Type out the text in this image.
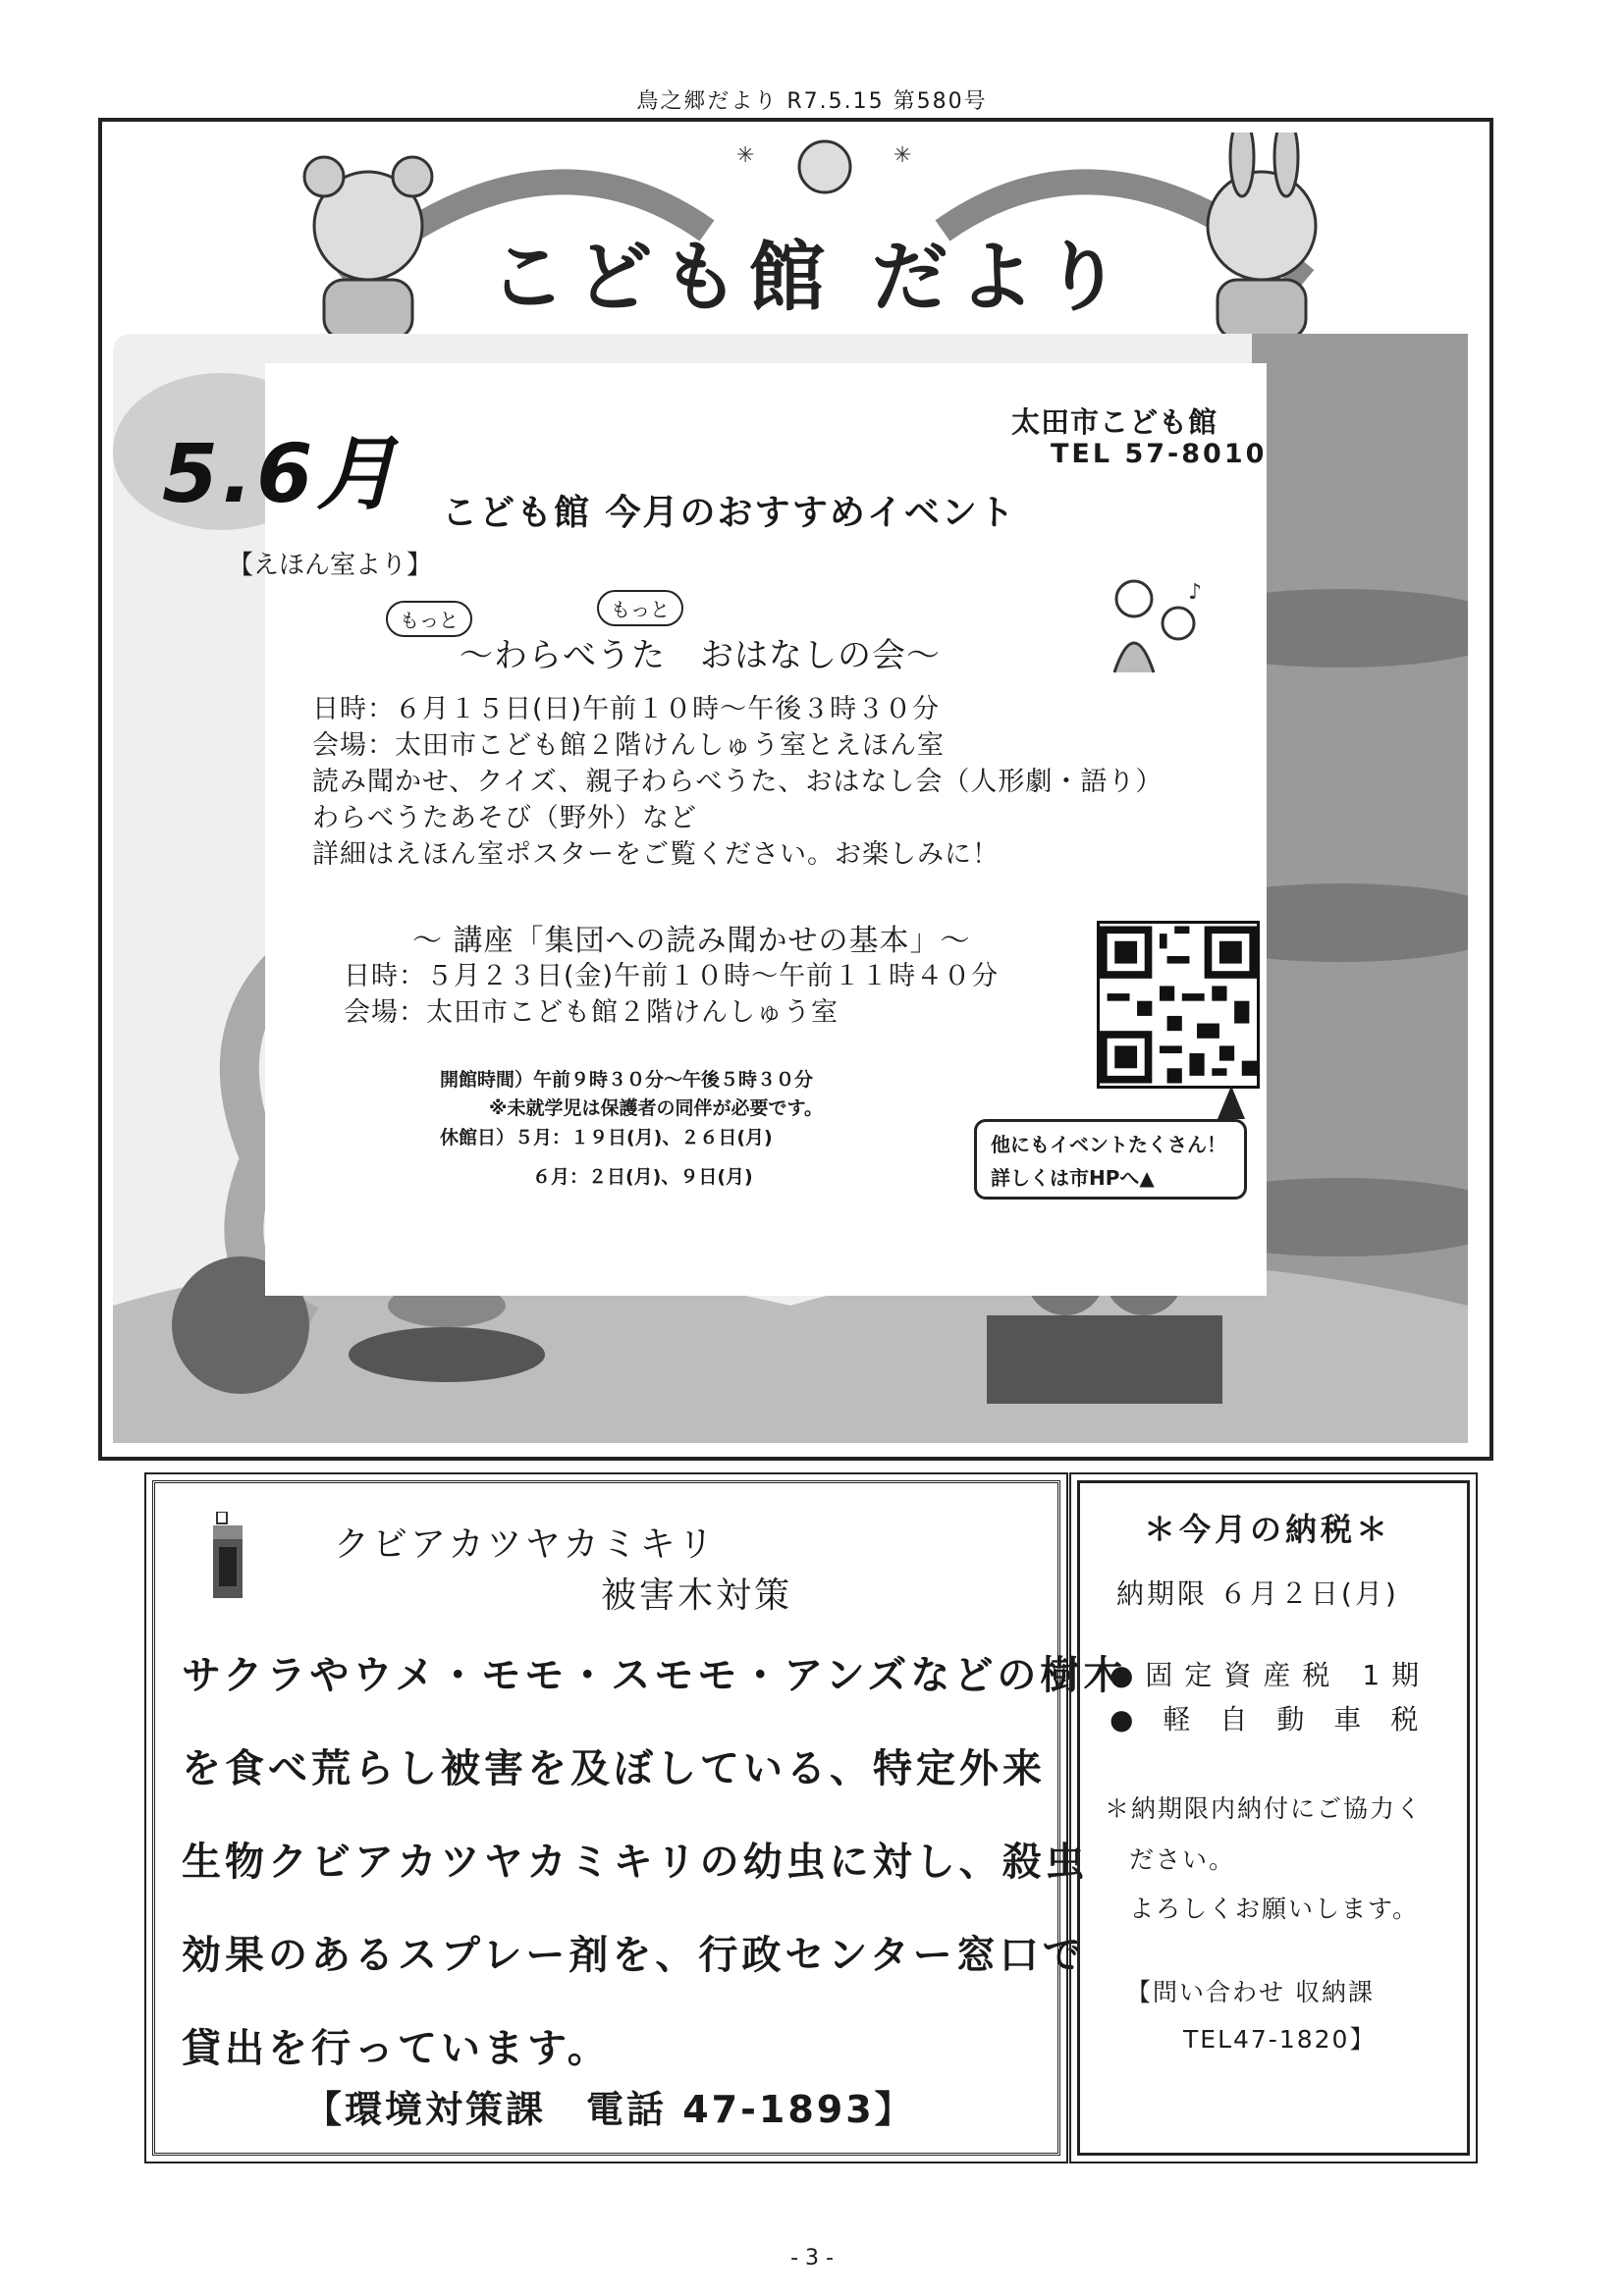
鳥之郷だより R7.5.15 第580号
✳	✳
こども館 だより
5.6月
太田市こども館
TEL 57-8010
こども館 今月のおすすめイベント
【えほん室より】
もっと	もっと
〜わらべうた　おはなしの会〜
日時：６月１５日(日)午前１０時〜午後３時３０分
会場：太田市こども館２階けんしゅう室とえほん室
読み聞かせ、クイズ、親子わらべうた、おはなし会（人形劇・語り）
わらべうたあそび（野外）など
詳細はえほん室ポスターをご覧ください。お楽しみに！
♪
〜 講座「集団への読み聞かせの基本」〜
日時：５月２３日(金)午前１０時〜午前１１時４０分
会場：太田市こども館２階けんしゅう室
開館時間）午前９時３０分〜午後５時３０分
※未就学児は保護者の同伴が必要です。
休館日）５月：１９日(月)、２６日(月)
６月：２日(月)、９日(月)
他にもイベントたくさん！
詳しくは市HPへ▲
クビアカツヤカミキリ
被害木対策
サクラやウメ・モモ・スモモ・アンズなどの樹木
を食べ荒らし被害を及ぼしている、特定外来
生物クビアカツヤカミキリの幼虫に対し、殺虫
効果のあるスプレー剤を、行政センター窓口で
貸出を行っています。
【環境対策課　電話 47-1893】
＊今月の納税＊
納期限 ６月２日(月)
●固定資産税 1期
●軽自動車税
＊納期限内納付にご協力く
ださい。
よろしくお願いします。
【問い合わせ 収納課
TEL47-1820】
- 3 -
